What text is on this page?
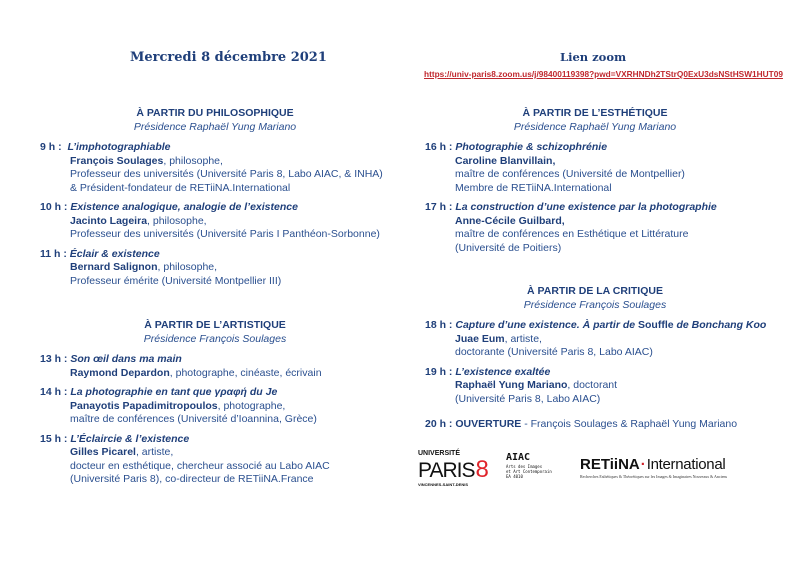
Mercredi 8 décembre 2021	Lien zoom
https://univ-paris8.zoom.us/j/98400119398?pwd=VXRHNDh2TStrQ0ExU3dsNStHSW1HUT09
À PARTIR DU PHILOSOPHIQUE
Présidence Raphaël Yung Mariano
9 h : L’imphotographiable
François Soulages, philosophe,
Professeur des universités (Université Paris 8, Labo AIAC, & INHA)
& Président-fondateur de RETiiNA.International
10 h : Existence analogique, analogie de l’existence
Jacinto Lageira, philosophe,
Professeur des universités (Université Paris I Panthéon-Sorbonne)
11 h : Éclair & existence
Bernard Salignon, philosophe,
Professeur émérite (Université Montpellier III)
À PARTIR DE L’ARTISTIQUE
Présidence François Soulages
13 h : Son œil dans ma main
Raymond Depardon, photographe, cinéaste, écrivain
14 h : La photographie en tant que γραφή du Je
Panayotis Papadimitropoulos, photographe,
maître de conférences (Université d’Ioannina, Grèce)
15 h : L’Éclaircie & l’existence
Gilles Picarel, artiste,
docteur en esthétique, chercheur associé au Labo AIAC
(Université Paris 8), co-directeur de RETiiNA.France
À PARTIR DE L’ESTHÉTIQUE
Présidence Raphaël Yung Mariano
16 h : Photographie & schizophrénie
Caroline Blanvillain,
maître de conférences (Université de Montpellier)
Membre de RETiiNA.International
17 h : La construction d’une existence par la photographie
Anne-Cécile Guilbard,
maître de conférences en Esthétique et Littérature
(Université de Poitiers)
À PARTIR DE LA CRITIQUE
Présidence François Soulages
18 h : Capture d’une existence. À partir de Souffle de Bonchang Koo
Juae Eum, artiste,
doctorante (Université Paris 8, Labo AIAC)
19 h : L’existence exaltée
Raphaël Yung Mariano, doctorant
(Université Paris 8, Labo AIAC)
20 h : OUVERTURE - François Soulages & Raphaël Yung Mariano
UNIVERSITÉ
PARIS 8
VINCENNES-SAINT-DENIS
AIAC
Arts des Images
et Art Contemporain
EA 4010
RETiiNA · International
Recherches Esthétiques & Théorétiques sur les Images & Imaginaires Nouveaux & Anciens
